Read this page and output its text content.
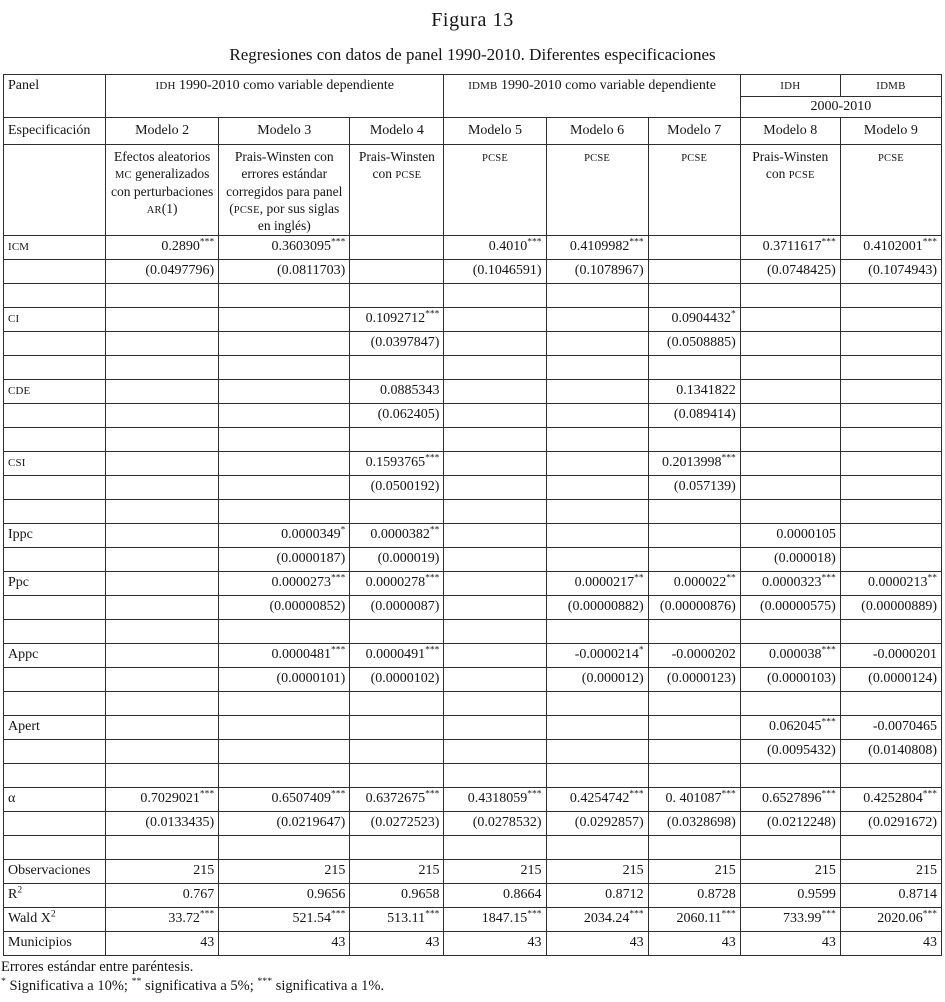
Figura 13
Regresiones con datos de panel 1990-2010. Diferentes especificaciones
Panel	IDH 1990-2010 como variable dependiente			IDMB 1990-2010 como variable dependiente			IDH	IDMB
							2000-2010	
Especificación	Modelo 2	Modelo 3	Modelo 4	Modelo 5	Modelo 6	Modelo 7	Modelo 8	Modelo 9
	Efectos aleatorios MC generalizados con perturbaciones AR(1)	Prais-Winsten con errores estándar corregidos para panel (PCSE, por sus siglas en inglés)	Prais-Winsten con PCSE	PCSE	PCSE	PCSE	Prais-Winsten con PCSE	PCSE
ICM	0.2890***	0.3603095***		0.4010***	0.4109982***		0.3711617***	0.4102001***
	(0.0497796)	(0.0811703)		(0.1046591)	(0.1078967)		(0.0748425)	(0.1074943)

CI			0.1092712***			0.0904432*		
			(0.0397847)			(0.0508885)		

CDE			0.0885343			0.1341822		
			(0.062405)			(0.089414)		

CSI			0.1593765***			0.2013998***		
			(0.0500192)			(0.057139)		

Ippc		0.0000349*	0.0000382**				0.0000105	
		(0.0000187)	(0.000019)				(0.000018)	
Ppc		0.0000273***	0.0000278***		0.0000217**	0.000022**	0.0000323***	0.0000213**
		(0.00000852)	(0.0000087)		(0.00000882)	(0.00000876)	(0.00000575)	(0.00000889)

Appc		0.0000481***	0.0000491***		-0.0000214*	-0.0000202	0.000038***	-0.0000201
		(0.0000101)	(0.0000102)		(0.000012)	(0.0000123)	(0.0000103)	(0.0000124)

Apert							0.062045***	-0.0070465
							(0.0095432)	(0.0140808)

α	0.7029021***	0.6507409***	0.6372675***	0.4318059***	0.4254742***	0. 401087***	0.6527896***	0.4252804***
	(0.0133435)	(0.0219647)	(0.0272523)	(0.0278532)	(0.0292857)	(0.0328698)	(0.0212248)	(0.0291672)

Observaciones	215	215	215	215	215	215	215	215
$R^2$	0.767	0.9656	0.9658	0.8664	0.8712	0.8728	0.9599	0.8714
Wald $X^2$	33.72***	521.54***	513.11***	1847.15***	2034.24***	2060.11***	733.99***	2020.06***
Municipios	43	43	43	43	43	43	43	43
Errores estándar entre paréntesis.
* Significativa a 10%; ** significativa a 5%; *** significativa a 1%.
